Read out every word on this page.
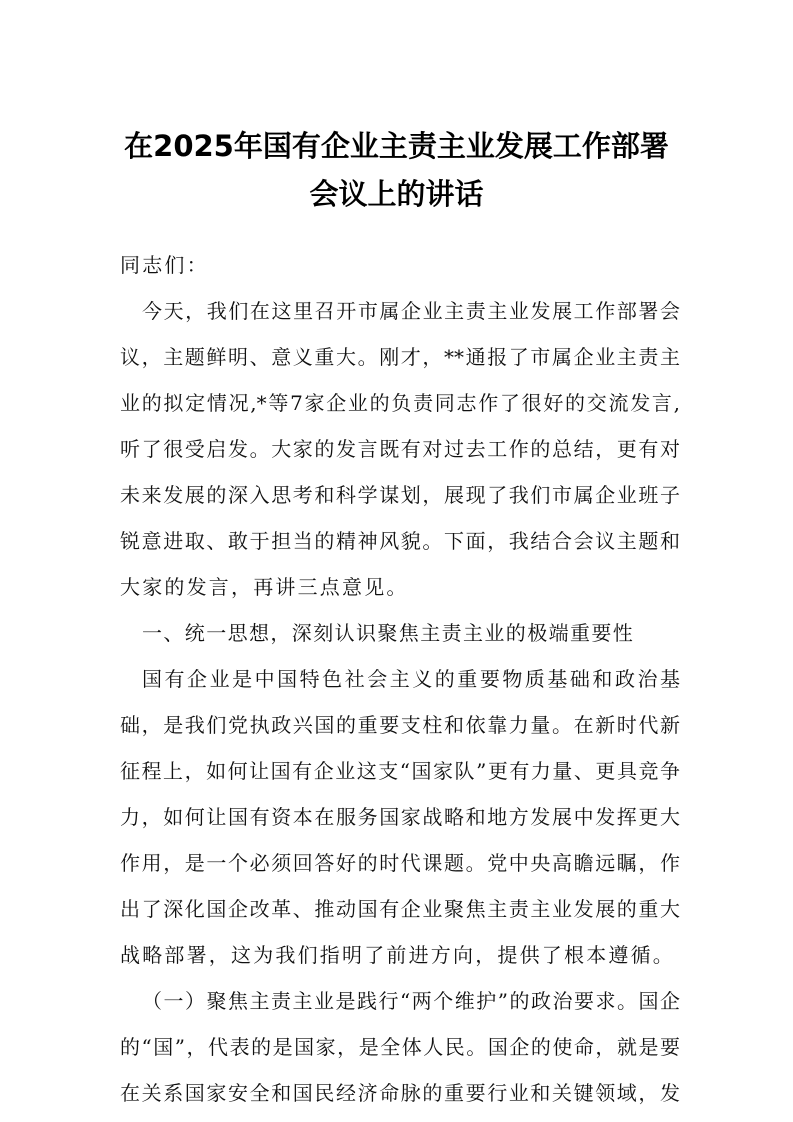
在2025年国有企业主责主业发展工作部署
会议上的讲话

同志们：

今天，我们在这里召开市属企业主责主业发展工作部署会

议，主题鲜明、意义重大。刚才，**通报了市属企业主责主

业的拟定情况,*等7家企业的负责同志作了很好的交流发言,

听了很受启发。大家的发言既有对过去工作的总结，更有对

未来发展的深入思考和科学谋划，展现了我们市属企业班子

锐意进取、敢于担当的精神风貌。下面，我结合会议主题和

大家的发言，再讲三点意见。

一、统一思想，深刻认识聚焦主责主业的极端重要性

国有企业是中国特色社会主义的重要物质基础和政治基

础，是我们党执政兴国的重要支柱和依靠力量。在新时代新

征程上，如何让国有企业这支“国家队”更有力量、更具竞争

力，如何让国有资本在服务国家战略和地方发展中发挥更大

作用，是一个必须回答好的时代课题。党中央高瞻远瞩，作

出了深化国企改革、推动国有企业聚焦主责主业发展的重大

战略部署，这为我们指明了前进方向，提供了根本遵循。

（一）聚焦主责主业是践行“两个维护”的政治要求。国企

的“国”，代表的是国家，是全体人民。国企的使命，就是要

在关系国家安全和国民经济命脉的重要行业和关键领域，发
